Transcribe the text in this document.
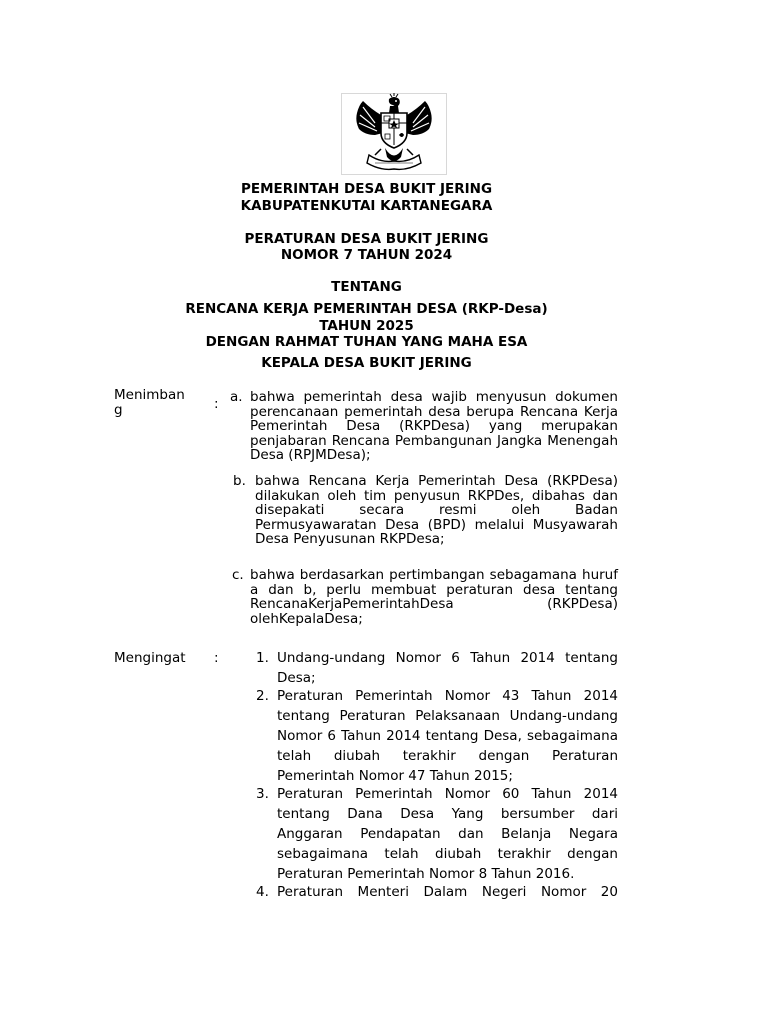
PEMERINTAH DESA BUKIT JERING
KABUPATENKUTAI KARTANEGARA
PERATURAN DESA BUKIT JERING
NOMOR 7 TAHUN 2024
TENTANG
RENCANA KERJA PEMERINTAH DESA (RKP-Desa)
TAHUN 2025
DENGAN RAHMAT TUHAN YANG MAHA ESA
KEPALA DESA BUKIT JERING
Menimban g	: a. bahwa pemerintah desa wajib menyusun dokumen perencanaan pemerintah desa berupa Rencana Kerja Pemerintah Desa (RKPDesa) yang merupakan penjabaran Rencana Pembangunan Jangka Menengah Desa (RPJMDesa);
b. bahwa Rencana Kerja Pemerintah Desa (RKPDesa) dilakukan oleh tim penyusun RKPDes, dibahas dan disepakati secara resmi oleh Badan Permusyawaratan Desa (BPD) melalui Musyawarah Desa Penyusunan RKPDesa;
c. bahwa berdasarkan pertimbangan sebagamana huruf a dan b, perlu membuat peraturan desa tentang RencanaKerjaPemerintahDesa (RKPDesa) olehKepalaDesa;
Mengingat :	1. Undang-undang Nomor 6 Tahun 2014 tentang Desa;
2. Peraturan Pemerintah Nomor 43 Tahun 2014 tentang Peraturan Pelaksanaan Undang-undang Nomor 6 Tahun 2014 tentang Desa, sebagaimana telah diubah terakhir dengan Peraturan Pemerintah Nomor 47 Tahun 2015;
3. Peraturan Pemerintah Nomor 60 Tahun 2014 tentang Dana Desa Yang bersumber dari Anggaran Pendapatan dan Belanja Negara sebagaimana telah diubah terakhir dengan Peraturan Pemerintah Nomor 8 Tahun 2016.
4. Peraturan Menteri Dalam Negeri Nomor 20
